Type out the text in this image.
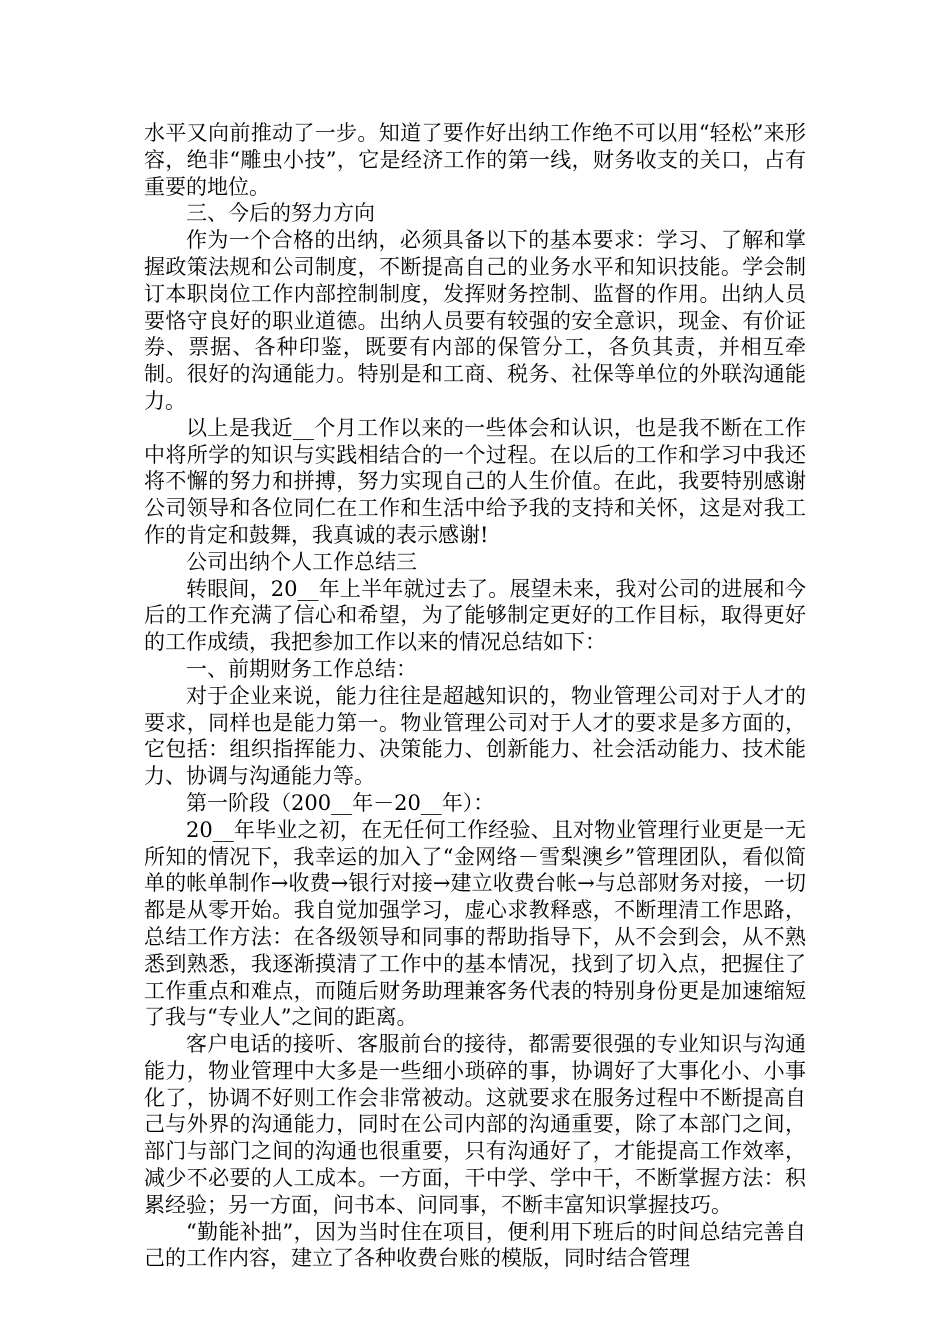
水平又向前推动了一步。知道了要作好出纳工作绝不可以用“轻松”来形容，绝非“雕虫小技”，它是经济工作的第一线，财务收支的关口，占有重要的地位。

三、今后的努力方向

作为一个合格的出纳，必须具备以下的基本要求：学习、了解和掌握政策法规和公司制度，不断提高自己的业务水平和知识技能。学会制订本职岗位工作内部控制制度，发挥财务控制、监督的作用。出纳人员要恪守良好的职业道德。出纳人员要有较强的安全意识，现金、有价证券、票据、各种印鉴，既要有内部的保管分工，各负其责，并相互牵制。很好的沟通能力。特别是和工商、税务、社保等单位的外联沟通能力。

以上是我近__个月工作以来的一些体会和认识，也是我不断在工作中将所学的知识与实践相结合的一个过程。在以后的工作和学习中我还将不懈的努力和拼搏，努力实现自己的人生价值。在此，我要特别感谢公司领导和各位同仁在工作和生活中给予我的支持和关怀，这是对我工作的肯定和鼓舞，我真诚的表示感谢!

公司出纳个人工作总结三

转眼间，20__年上半年就过去了。展望未来，我对公司的进展和今后的工作充满了信心和希望，为了能够制定更好的工作目标，取得更好的工作成绩，我把参加工作以来的情况总结如下：

一、前期财务工作总结：

对于企业来说，能力往往是超越知识的，物业管理公司对于人才的要求，同样也是能力第一。物业管理公司对于人才的要求是多方面的，它包括：组织指挥能力、决策能力、创新能力、社会活动能力、技术能力、协调与沟通能力等。

第一阶段（200__年－20__年）：

20__年毕业之初，在无任何工作经验、且对物业管理行业更是一无所知的情况下，我幸运的加入了“金网络－雪梨澳乡”管理团队，看似简单的帐单制作→收费→银行对接→建立收费台帐→与总部财务对接，一切都是从零开始。我自觉加强学习，虚心求教释惑，不断理清工作思路，总结工作方法：在各级领导和同事的帮助指导下，从不会到会，从不熟悉到熟悉，我逐渐摸清了工作中的基本情况，找到了切入点，把握住了工作重点和难点，而随后财务助理兼客务代表的特别身份更是加速缩短了我与“专业人”之间的距离。

客户电话的接听、客服前台的接待，都需要很强的专业知识与沟通能力，物业管理中大多是一些细小琐碎的事，协调好了大事化小、小事化了，协调不好则工作会非常被动。这就要求在服务过程中不断提高自己与外界的沟通能力，同时在公司内部的沟通重要，除了本部门之间，部门与部门之间的沟通也很重要，只有沟通好了，才能提高工作效率，减少不必要的人工成本。一方面，干中学、学中干，不断掌握方法：积累经验；另一方面，问书本、问同事，不断丰富知识掌握技巧。

“勤能补拙”，因为当时住在项目，便利用下班后的时间总结完善自己的工作内容，建立了各种收费台账的模版，同时结合管理
